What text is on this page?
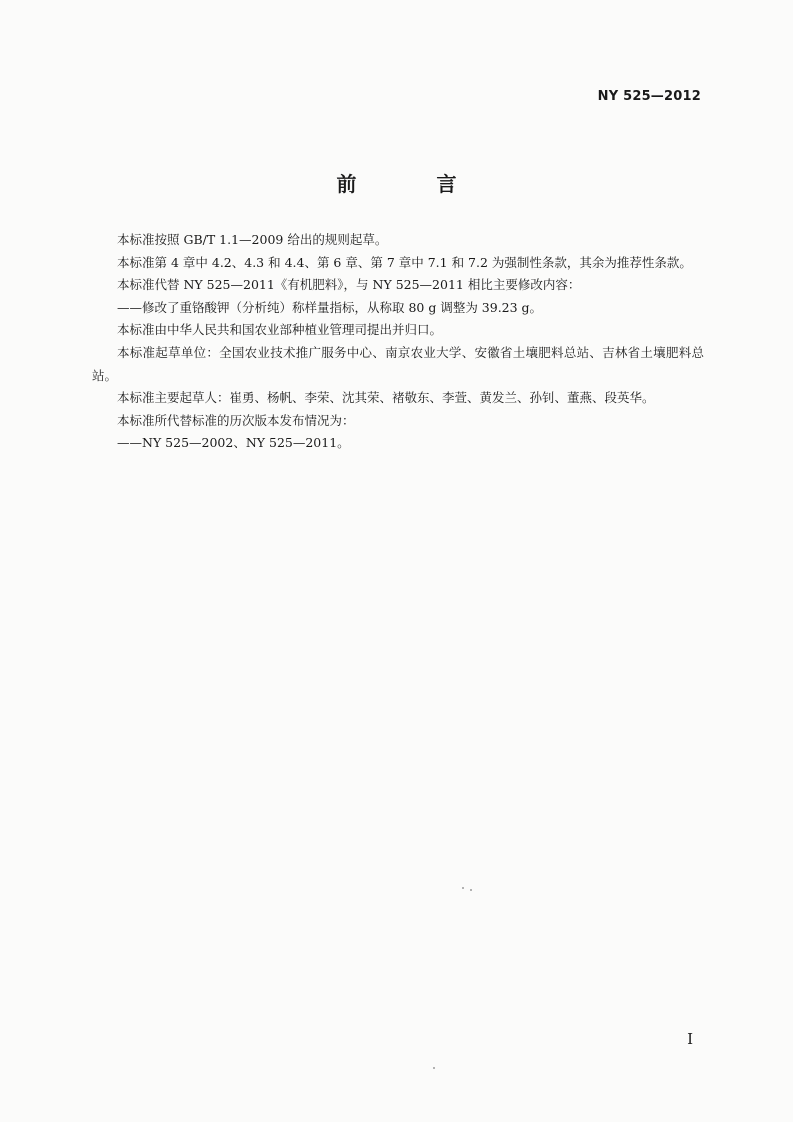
NY 525—2012
前　言

本标准按照 GB/T 1.1—2009 给出的规则起草。

本标准第 4 章中 4.2、4.3 和 4.4、第 6 章、第 7 章中 7.1 和 7.2 为强制性条款，其余为推荐性条款。

本标准代替 NY 525—2011《有机肥料》，与 NY 525—2011 相比主要修改内容：

——修改了重铬酸钾（分析纯）称样量指标，从称取 80 g 调整为 39.23 g。

本标准由中华人民共和国农业部种植业管理司提出并归口。

本标准起草单位：全国农业技术推广服务中心、南京农业大学、安徽省土壤肥料总站、吉林省土壤肥料总站。

本标准主要起草人：崔勇、杨帆、李荣、沈其荣、褚敬东、李萱、黄发兰、孙钊、董燕、段英华。

本标准所代替标准的历次版本发布情况为：

——NY 525—2002、NY 525—2011。

I
